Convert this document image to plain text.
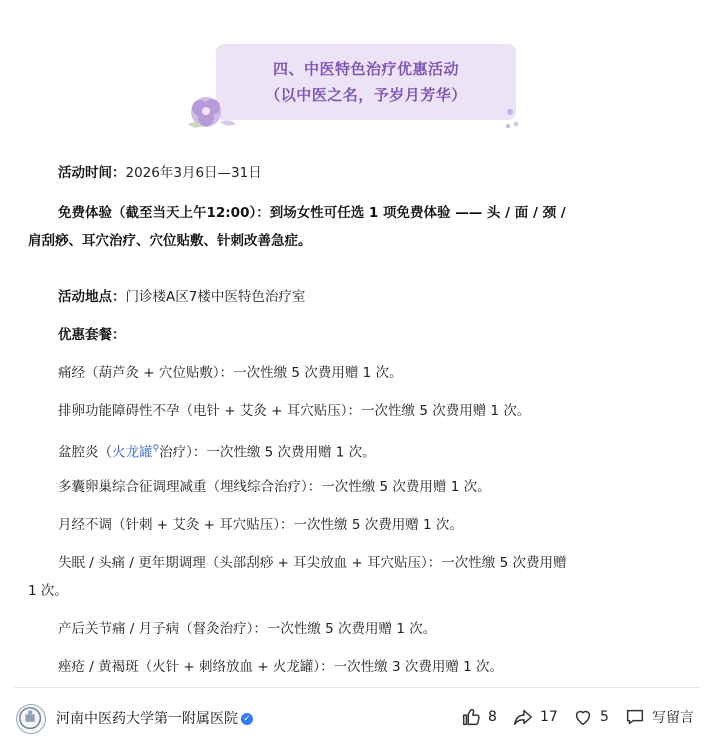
四、中医特色治疗优惠活动
（以中医之名，予岁月芳华）
活动时间：2026年3月6日—31日
免费体验（截至当天上午12:00）：到场女性可任选 1 项免费体验 —— 头 / 面 / 颈 /
肩刮痧、耳穴治疗、穴位贴敷、针刺改善急症。
活动地点：门诊楼A区7楼中医特色治疗室
优惠套餐：
痛经（葫芦灸 + 穴位贴敷）：一次性缴 5 次费用赠 1 次。
排卵功能障碍性不孕（电针 + 艾灸 + 耳穴贴压）：一次性缴 5 次费用赠 1 次。
盆腔炎（火龙罐⚲治疗）：一次性缴 5 次费用赠 1 次。
多囊卵巢综合征调理减重（埋线综合治疗）：一次性缴 5 次费用赠 1 次。
月经不调（针刺 + 艾灸 + 耳穴贴压）：一次性缴 5 次费用赠 1 次。
失眠 / 头痛 / 更年期调理（头部刮痧 + 耳尖放血 + 耳穴贴压）：一次性缴 5 次费用赠
1 次。
产后关节痛 / 月子病（督灸治疗）：一次性缴 5 次费用赠 1 次。
痤疮 / 黄褐斑（火针 + 刺络放血 + 火龙罐）：一次性缴 3 次费用赠 1 次。
河南中医药大学第一附属医院 ✓	8	17	5	写留言
